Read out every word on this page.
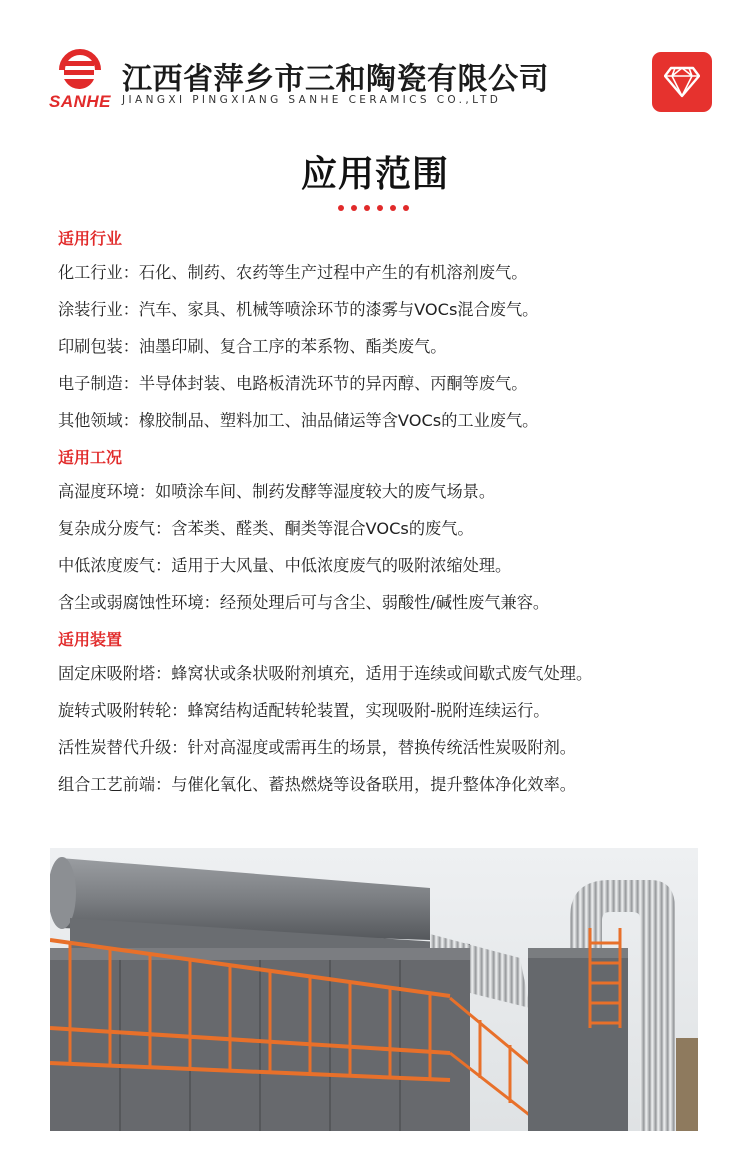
SANHE
江西省萍乡市三和陶瓷有限公司
JIANGXI PINGXIANG SANHE CERAMICS CO.,LTD
应用范围
适用行业
化工行业：石化、制药、农药等生产过程中产生的有机溶剂废气。
涂装行业：汽车、家具、机械等喷涂环节的漆雾与VOCs混合废气。
印刷包装：油墨印刷、复合工序的苯系物、酯类废气。
电子制造：半导体封装、电路板清洗环节的异丙醇、丙酮等废气。
其他领域：橡胶制品、塑料加工、油品储运等含VOCs的工业废气。
适用工况
高湿度环境：如喷涂车间、制药发酵等湿度较大的废气场景。
复杂成分废气：含苯类、醛类、酮类等混合VOCs的废气。
中低浓度废气：适用于大风量、中低浓度废气的吸附浓缩处理。
含尘或弱腐蚀性环境：经预处理后可与含尘、弱酸性/碱性废气兼容。
适用装置
固定床吸附塔：蜂窝状或条状吸附剂填充，适用于连续或间歇式废气处理。
旋转式吸附转轮：蜂窝结构适配转轮装置，实现吸附-脱附连续运行。
活性炭替代升级：针对高湿度或需再生的场景，替换传统活性炭吸附剂。
组合工艺前端：与催化氧化、蓄热燃烧等设备联用，提升整体净化效率。
